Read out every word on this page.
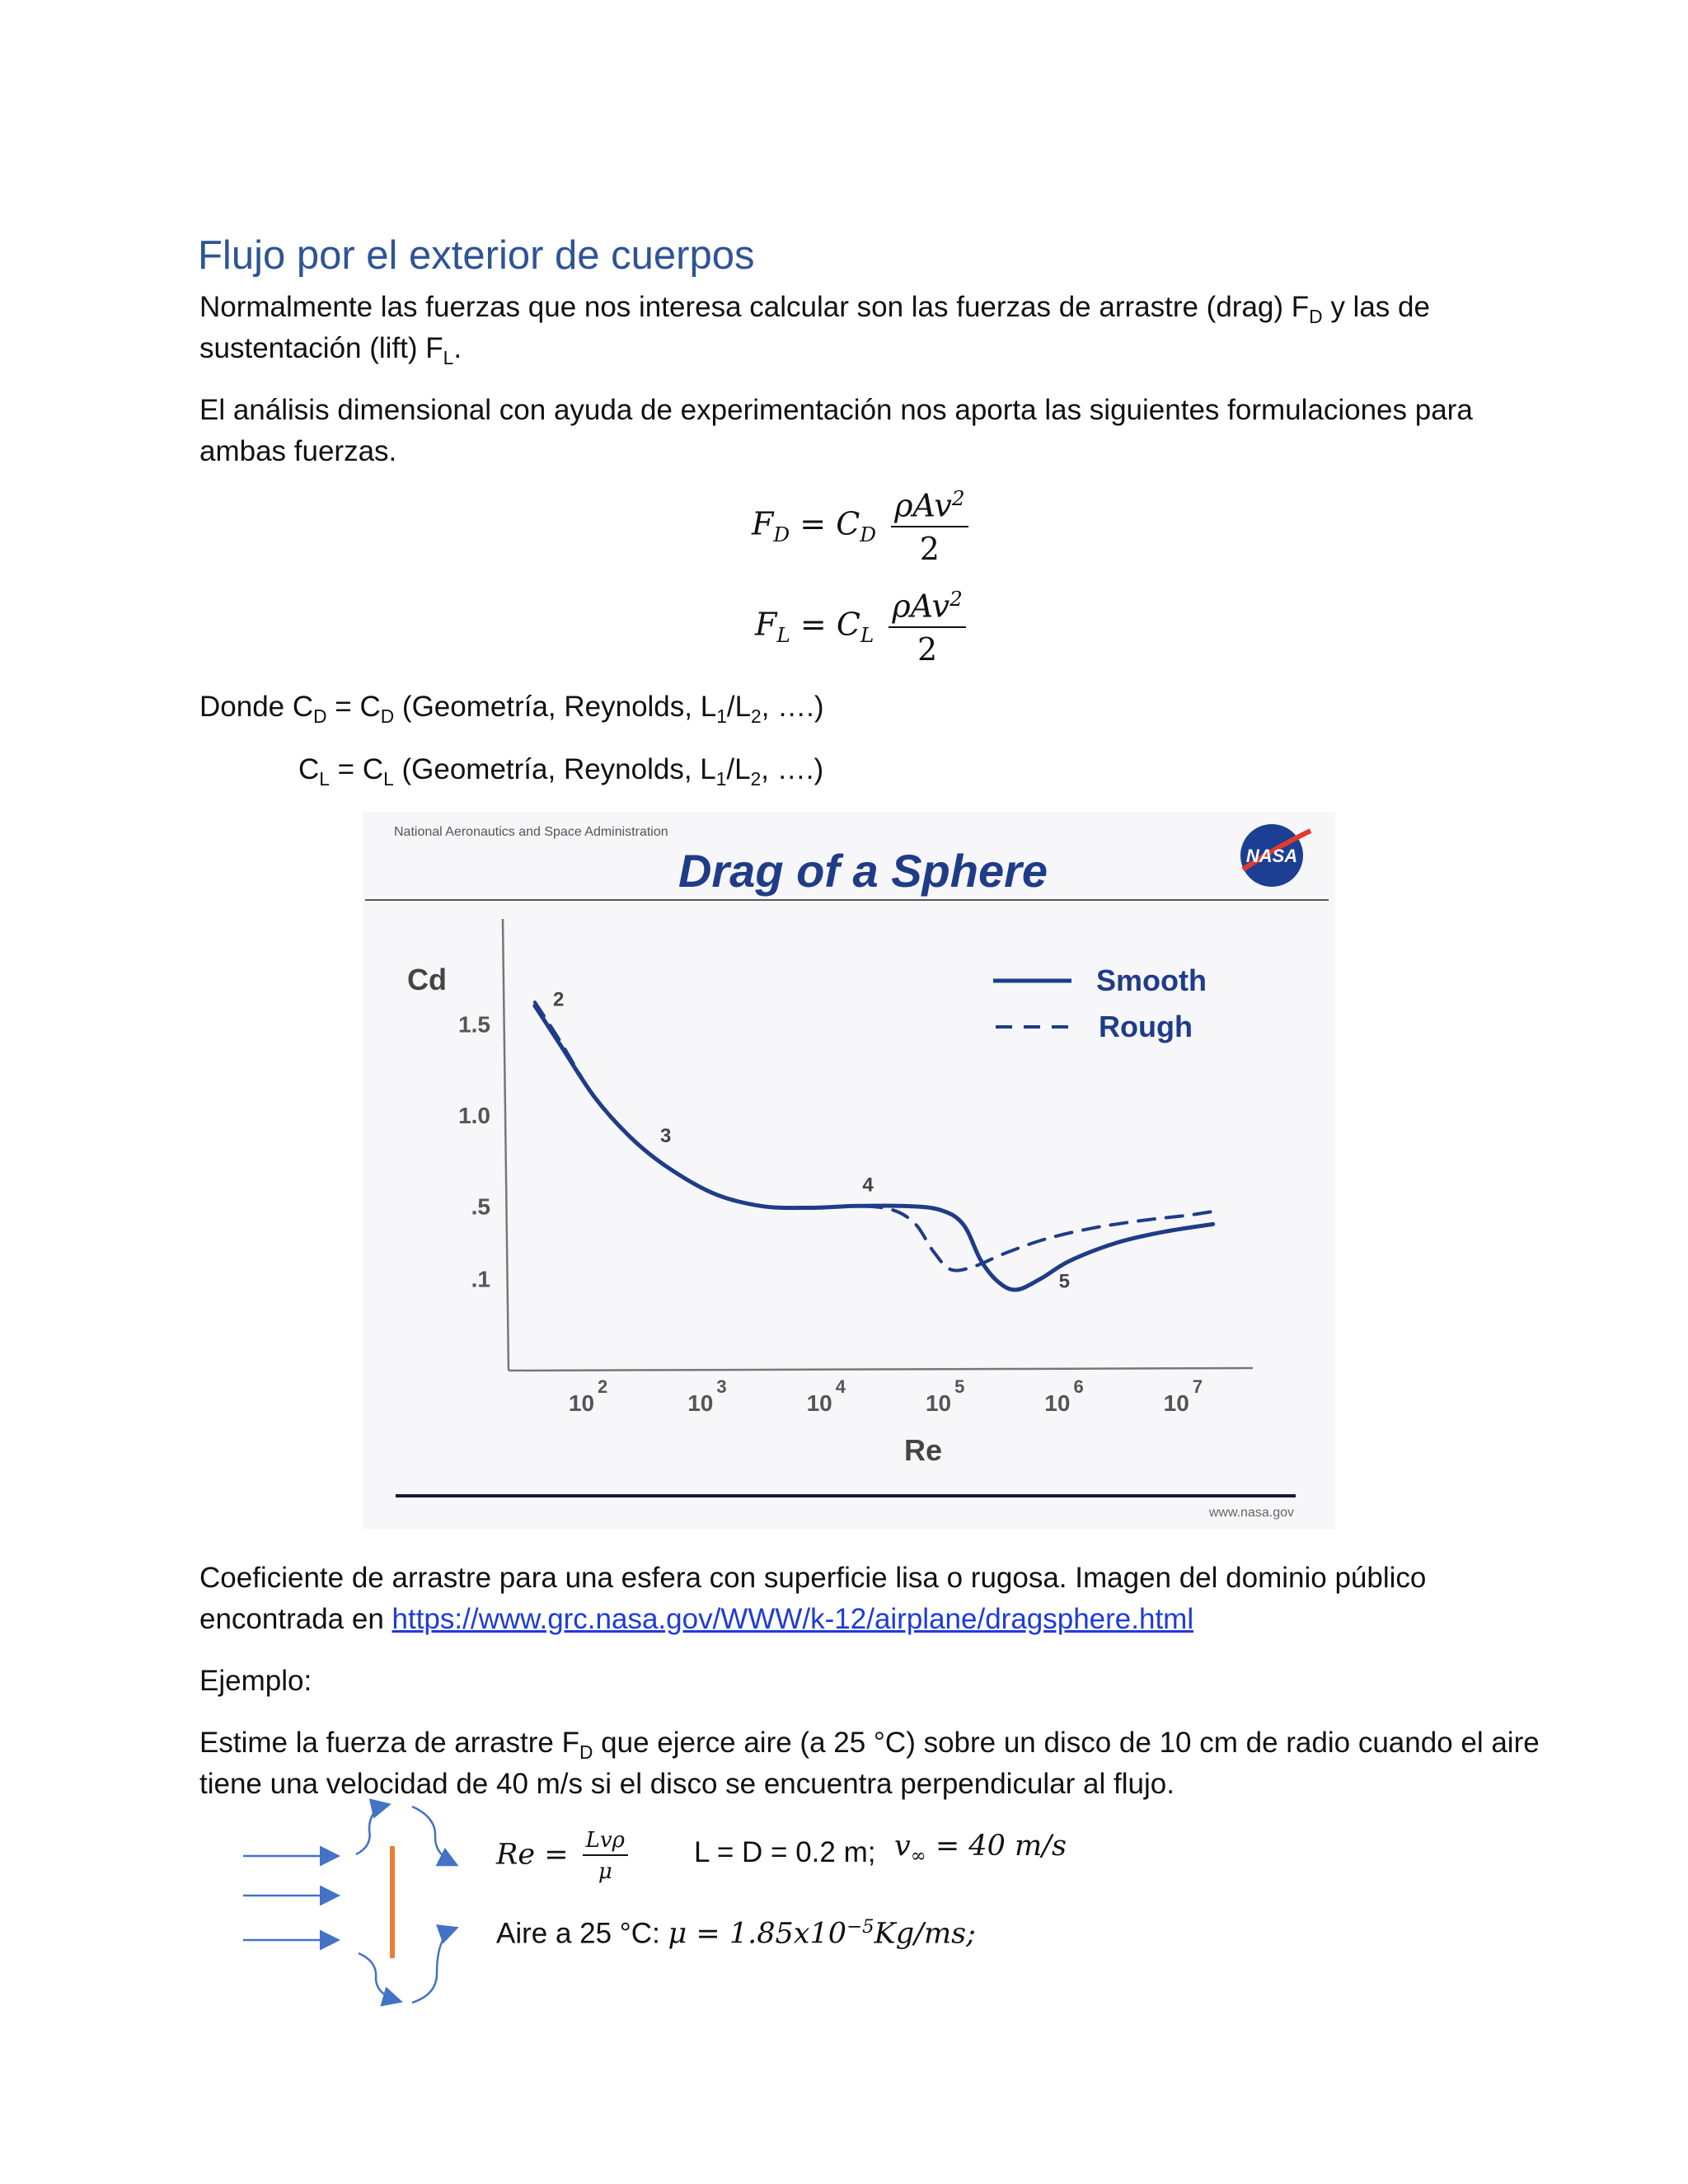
Flujo por el exterior de cuerpos
Normalmente las fuerzas que nos interesa calcular son las fuerzas de arrastre (drag) $F_D$ y las de
sustentación (lift) $F_L$.
El análisis dimensional con ayuda de experimentación nos aporta las siguientes formulaciones para
ambas fuerzas.
$F_D = C_D \frac{\rho Av^2}{2}$
$F_L = C_L \frac{\rho Av^2}{2}$
Donde $C_D = C_D$ (Geometría, Reynolds, $L_1/L_2$, ….)
$C_L = C_L$ (Geometría, Reynolds, $L_1/L_2$, ….)
National Aeronautics and Space Administration
Drag of a Sphere	NASA
Cd
Re
1.5
1.0
.5
.1
10
2
10
3
10
4
10
5
10
6
10
7
2
3
4
5
Smooth
Rough
www.nasa.gov
Coeficiente de arrastre para una esfera con superficie lisa o rugosa. Imagen del dominio público
encontrada en https://www.grc.nasa.gov/WWW/k-12/airplane/dragsphere.html
Ejemplo:
Estime la fuerza de arrastre $F_D$ que ejerce aire (a 25 °C) sobre un disco de 10 cm de radio cuando el aire
tiene una velocidad de 40 m/s si el disco se encuentra perpendicular al flujo.
$Re = \frac{\text{Lvρ}}{\mu}$ L = D = 0.2 m; $v_\infty = 40$ m/s
Aire a 25 °C: $\mu = 1.85x10^{-5}Kg/ms$;
